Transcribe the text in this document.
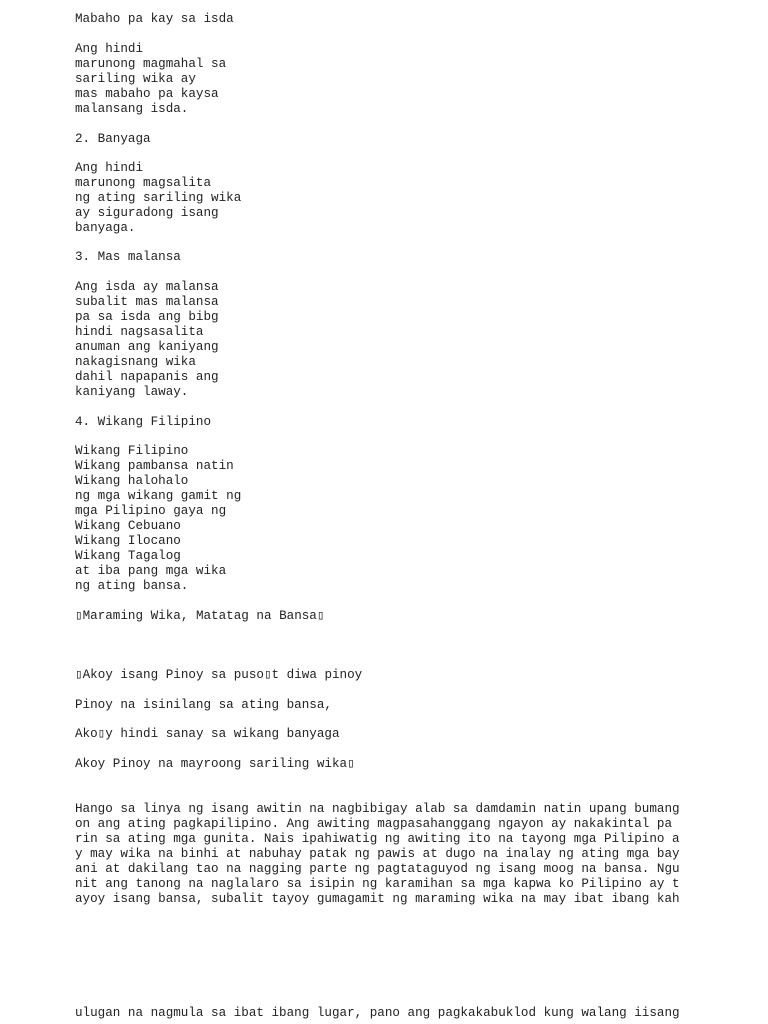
Mabaho pa kay sa isda

Ang hindi

marunong magmahal sa

sariling wika ay

mas mabaho pa kaysa

malansang isda.

2. Banyaga

Ang hindi

marunong magsalita

ng ating sariling wika

ay siguradong isang

banyaga.

3. Mas malansa

Ang isda ay malansa

subalit mas malansa

pa sa isda ang bibg

hindi nagsasalita

anuman ang kaniyang

nakagisnang wika

dahil napapanis ang

kaniyang laway.

4. Wikang Filipino

Wikang Filipino

Wikang pambansa natin

Wikang halohalo

ng mga wikang gamit ng

mga Pilipino gaya ng

Wikang Cebuano

Wikang Ilocano

Wikang Tagalog

at iba pang mga wika

ng ating bansa.

▯Maraming Wika, Matatag na Bansa▯

▯Akoy isang Pinoy sa puso▯t diwa pinoy

Pinoy na isinilang sa ating bansa,

Ako▯y hindi sanay sa wikang banyaga

Akoy Pinoy na mayroong sariling wika▯

Hango sa linya ng isang awitin na nagbibigay alab sa damdamin natin upang bumang

on ang ating pagkapilipino. Ang awiting magpasahanggang ngayon ay nakakintal pa

rin sa ating mga gunita. Nais ipahiwatig ng awiting ito na tayong mga Pilipino a

y may wika na binhi at nabuhay patak ng pawis at dugo na inalay ng ating mga bay

ani at dakilang tao na nagging parte ng pagtataguyod ng isang moog na bansa. Ngu

nit ang tanong na naglalaro sa isipin ng karamihan sa mga kapwa ko Pilipino ay t

ayoy isang bansa, subalit tayoy gumagamit ng maraming wika na may ibat ibang kah

ulugan na nagmula sa ibat ibang lugar, pano ang pagkakabuklod kung walang iisang
